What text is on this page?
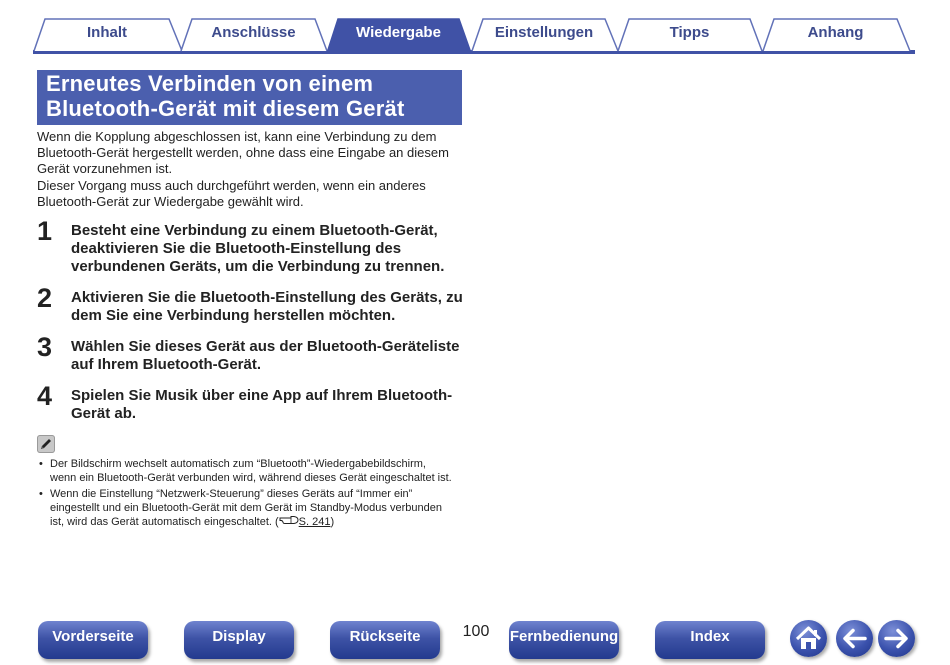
Inhalt	Anschlüsse	Wiedergabe	Einstellungen	Tipps	Anhang
Erneutes Verbinden von einem
Bluetooth-Gerät mit diesem Gerät

Wenn die Kopplung abgeschlossen ist, kann eine Verbindung zu dem

Bluetooth-Gerät hergestellt werden, ohne dass eine Eingabe an diesem

Gerät vorzunehmen ist.

Dieser Vorgang muss auch durchgeführt werden, wenn ein anderes

Bluetooth-Gerät zur Wiedergabe gewählt wird.

1 Besteht eine Verbindung zu einem Bluetooth-Gerät,
deaktivieren Sie die Bluetooth-Einstellung des
verbundenen Geräts, um die Verbindung zu trennen.
2 Aktivieren Sie die Bluetooth-Einstellung des Geräts, zu
dem Sie eine Verbindung herstellen möchten.
3 Wählen Sie dieses Gerät aus der Bluetooth-Geräteliste
auf Ihrem Bluetooth-Gerät.
4 Spielen Sie Musik über eine App auf Ihrem Bluetooth-
Gerät ab.
• Der Bildschirm wechselt automatisch zum “Bluetooth”-Wiedergabebildschirm,
wenn ein Bluetooth-Gerät verbunden wird, während dieses Gerät eingeschaltet ist.
• Wenn die Einstellung “Netzwerk-Steuerung” dieses Geräts auf “Immer ein”
eingestellt und ein Bluetooth-Gerät mit dem Gerät im Standby-Modus verbunden
ist, wird das Gerät automatisch eingeschaltet. ( S. 241)
Vorderseite	Display	Rückseite	100 Fernbedienung	Index
